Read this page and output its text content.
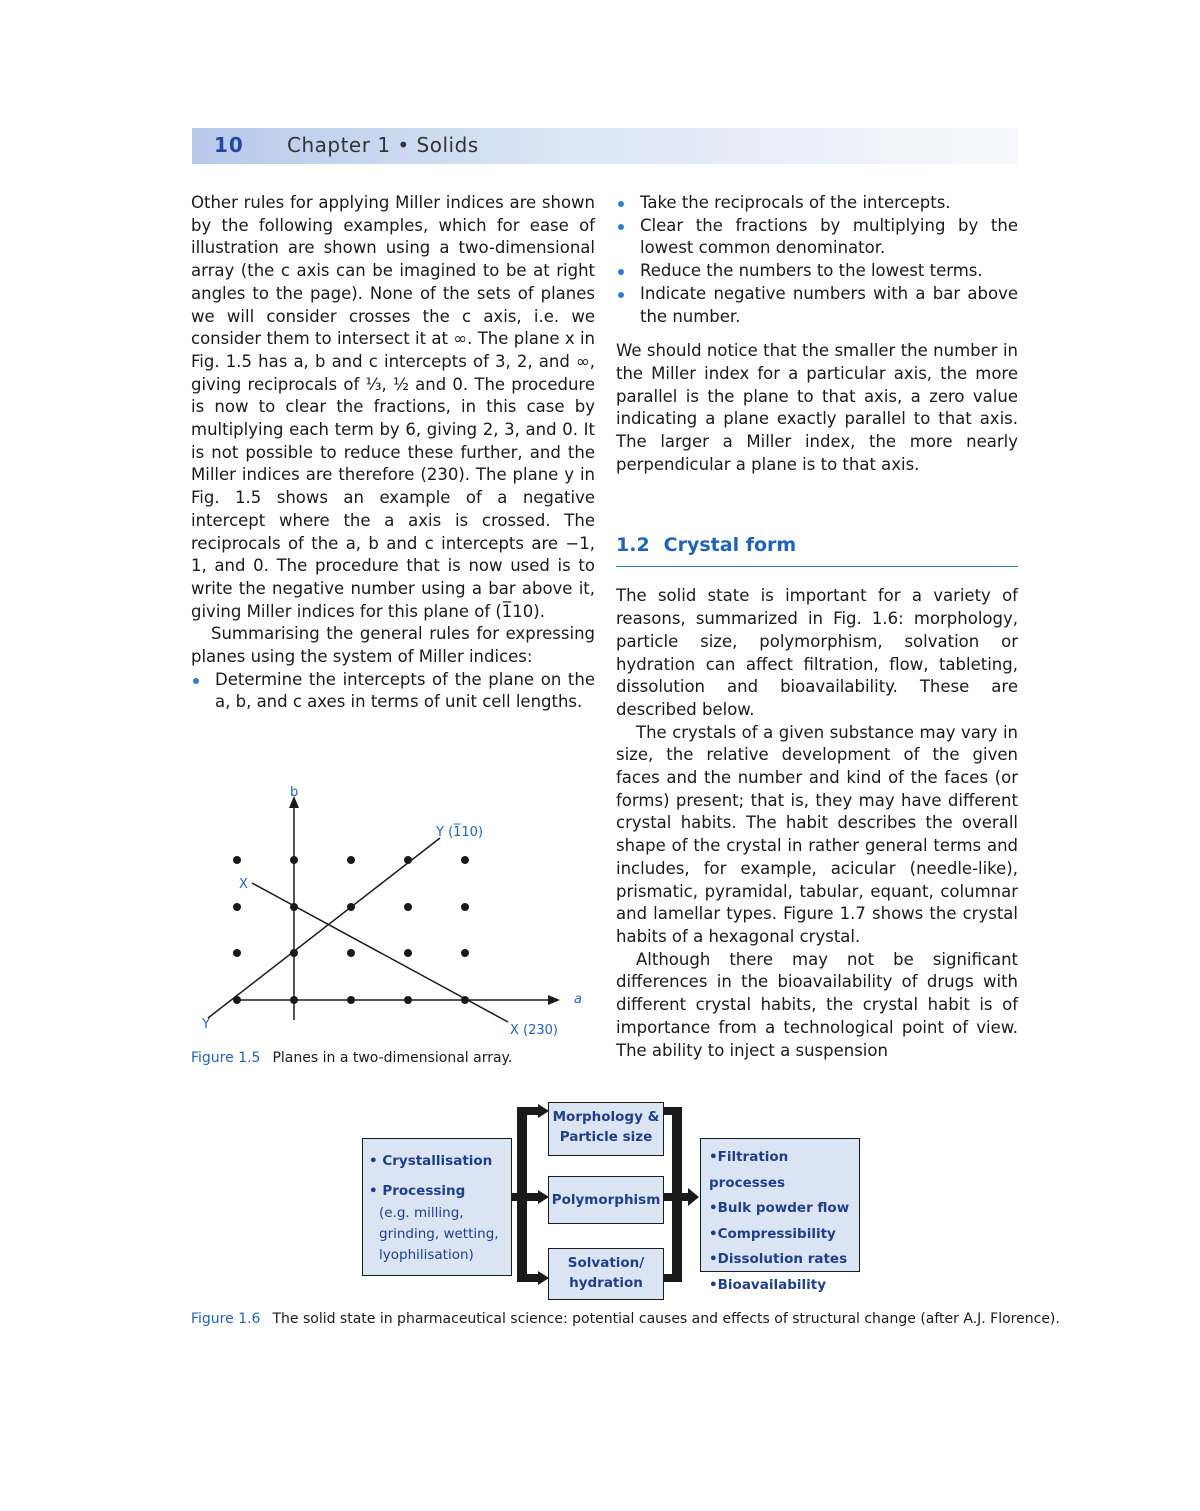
10 Chapter 1 • Solids

Other rules for applying Miller indices are shown by the following examples, which for ease of illustration are shown using a two-dimensional array (the c axis can be imagined to be at right angles to the page). None of the sets of planes we will consider crosses the c axis, i.e. we consider them to intersect it at ∞. The plane x in Fig. 1.5 has a, b and c intercepts of 3, 2, and ∞, giving reciprocals of ⅓, ½ and 0. The procedure is now to clear the fractions, in this case by multiplying each term by 6, giving 2, 3, and 0. It is not possible to reduce these further, and the Miller indices are therefore (230). The plane y in Fig. 1.5 shows an example of a negative intercept where the a axis is crossed. The reciprocals of the a, b and c intercepts are −1, 1, and 0. The procedure that is now used is to write the negative number using a bar above it, giving Miller indices for this plane of (1̅10).

Summarising the general rules for expressing planes using the system of Miller indices:

Determine the intercepts of the plane on the a, b, and c axes in terms of unit cell lengths.
Take the reciprocals of the intercepts.
Clear the fractions by multiplying by the lowest common denominator.
Reduce the numbers to the lowest terms.
Indicate negative numbers with a bar above the number.

We should notice that the smaller the number in the Miller index for a particular axis, the more parallel is the plane to that axis, a zero value indicating a plane exactly parallel to that axis. The larger a Miller index, the more nearly perpendicular a plane is to that axis.

1.2 Crystal form

The solid state is important for a variety of reasons, summarized in Fig. 1.6: morphology, particle size, polymorphism, solvation or hydration can affect filtration, flow, tableting, dissolution and bioavailability. These are described below.

The crystals of a given substance may vary in size, the relative development of the given faces and the number and kind of the faces (or forms) present; that is, they may have different crystal habits. The habit describes the overall shape of the crystal in rather general terms and includes, for example, acicular (needle-like), prismatic, pyramidal, tabular, equant, columnar and lamellar types. Figure 1.7 shows the crystal habits of a hexagonal crystal.

Although there may not be significant differences in the bioavailability of drugs with different crystal habits, the crystal habit is of importance from a technological point of view. The ability to inject a suspension

b
a
X
Y
Y (1̅10)
X (230)
Figure 1.5 Planes in a two-dimensional array.
• Crystallisation
• Processing
(e.g. milling,
grinding, wetting,
lyophilisation)
Morphology &
Particle size
Polymorphism
Solvation/
hydration
•Filtration processes
•Bulk powder flow
•Compressibility
•Dissolution rates
•Bioavailability
Figure 1.6 The solid state in pharmaceutical science: potential causes and effects of structural change (after A.J. Florence).
